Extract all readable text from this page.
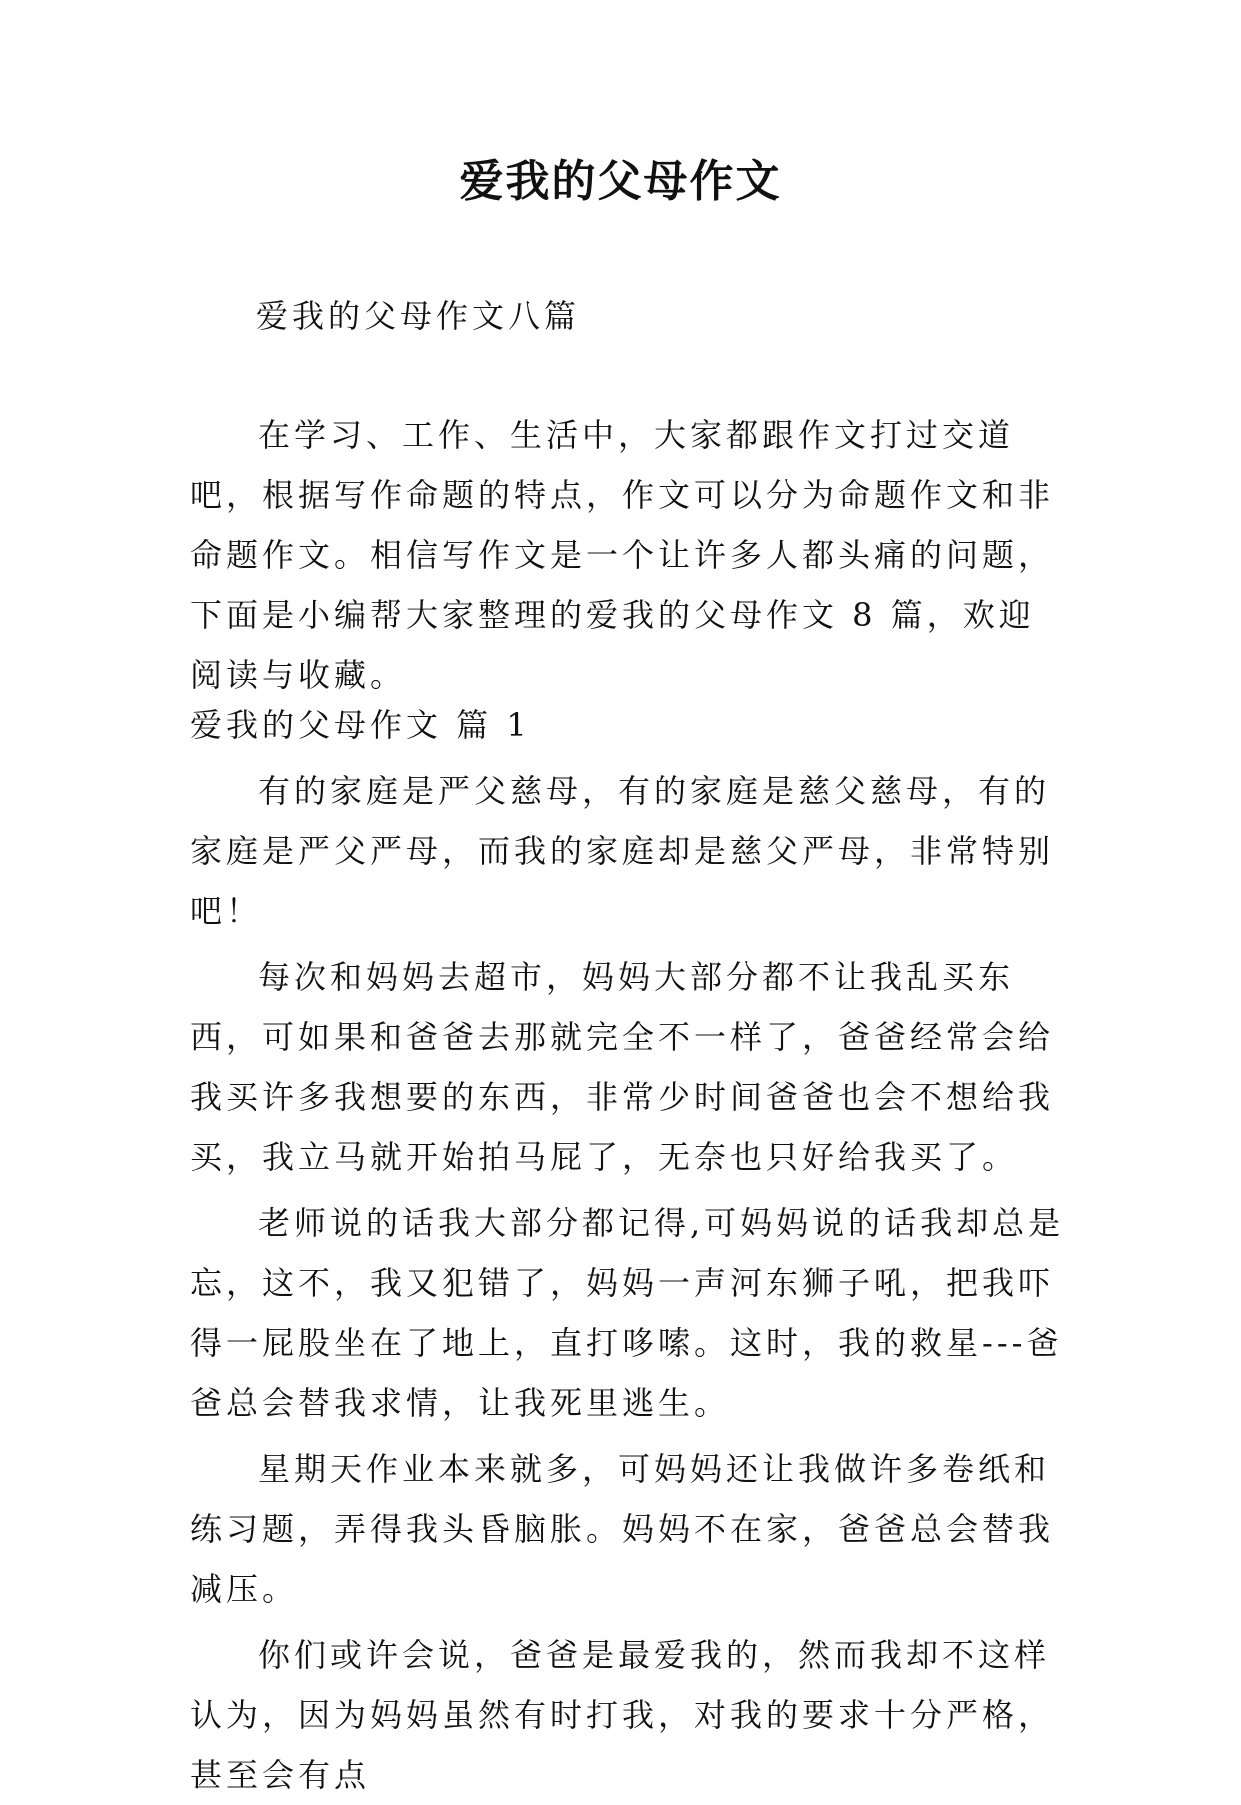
爱我的父母作文
爱我的父母作文八篇

在学习、工作、生活中，大家都跟作文打过交道吧，根据写作命题的特点，作文可以分为命题作文和非命题作文。相信写作文是一个让许多人都头痛的问题，下面是小编帮大家整理的爱我的父母作文 8 篇，欢迎阅读与收藏。

爱我的父母作文 篇 1

有的家庭是严父慈母，有的家庭是慈父慈母，有的家庭是严父严母，而我的家庭却是慈父严母，非常特别吧！

每次和妈妈去超市，妈妈大部分都不让我乱买东西，可如果和爸爸去那就完全不一样了，爸爸经常会给我买许多我想要的东西，非常少时间爸爸也会不想给我买，我立马就开始拍马屁了，无奈也只好给我买了。

老师说的话我大部分都记得,可妈妈说的话我却总是忘，这不，我又犯错了，妈妈一声河东狮子吼，把我吓得一屁股坐在了地上，直打哆嗦。这时，我的救星---爸爸总会替我求情，让我死里逃生。

星期天作业本来就多，可妈妈还让我做许多卷纸和练习题，弄得我头昏脑胀。妈妈不在家，爸爸总会替我减压。

你们或许会说，爸爸是最爱我的，然而我却不这样认为，因为妈妈虽然有时打我，对我的要求十分严格，甚至会有点
